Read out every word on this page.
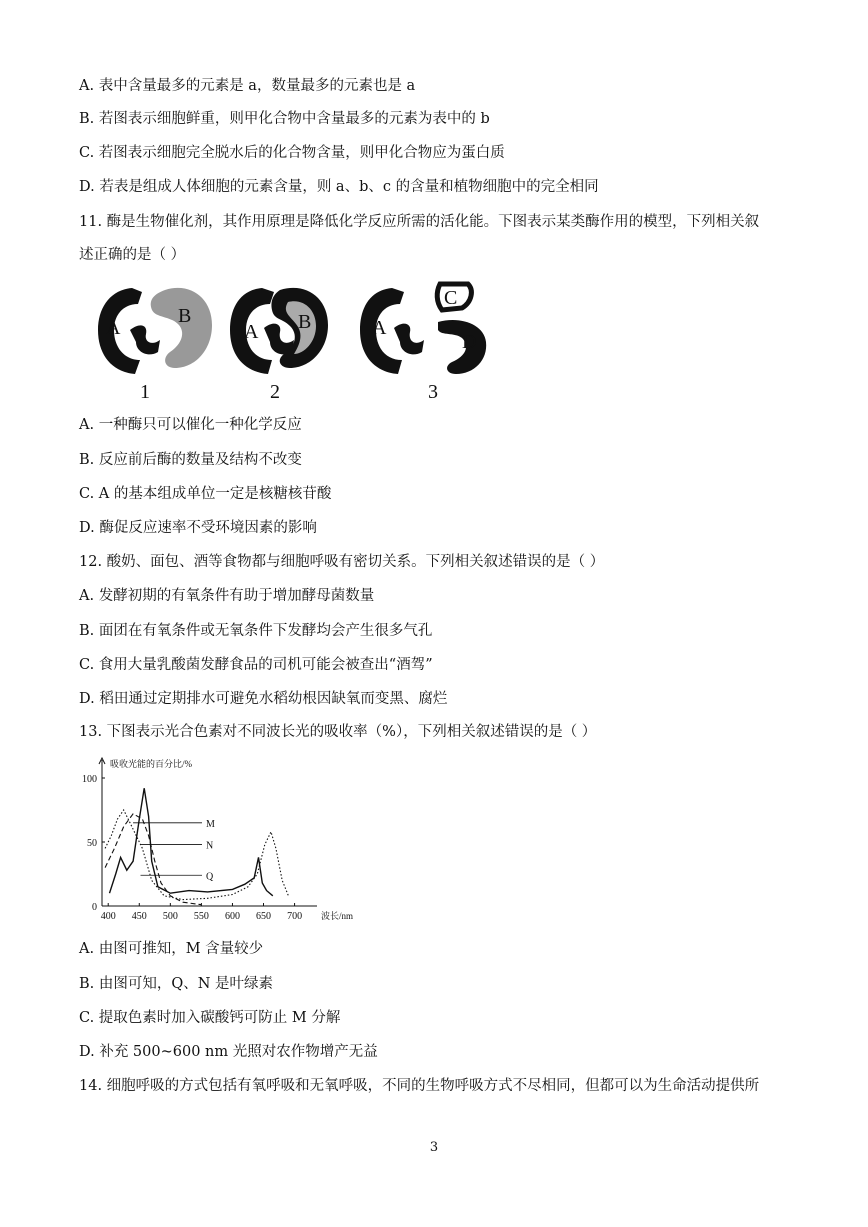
A. 表中含量最多的元素是 a，数量最多的元素也是 a
B. 若图表示细胞鲜重，则甲化合物中含量最多的元素为表中的 b
C. 若图表示细胞完全脱水后的化合物含量，则甲化合物应为蛋白质
D. 若表是组成人体细胞的元素含量，则 a、b、c 的含量和植物细胞中的完全相同
11. 酶是生物催化剂，其作用原理是降低化学反应所需的活化能。下图表示某类酶作用的模型，下列相关叙
述正确的是（ ）
A
B
1
A B
2
A
C
D
3
A. 一种酶只可以催化一种化学反应
B. 反应前后酶的数量及结构不改变
C. A 的基本组成单位一定是核糖核苷酸
D. 酶促反应速率不受环境因素的影响
12. 酸奶、面包、酒等食物都与细胞呼吸有密切关系。下列相关叙述错误的是（ ）
A. 发酵初期的有氧条件有助于增加酵母菌数量
B. 面团在有氧条件或无氧条件下发酵均会产生很多气孔
C. 食用大量乳酸菌发酵食品的司机可能会被查出“酒驾”
D. 稻田通过定期排水可避免水稻幼根因缺氧而变黑、腐烂
13. 下图表示光合色素对不同波长光的吸收率（%），下列相关叙述错误的是（ ）
100
50
0
400 450 500 550 600 650 700
吸收光能的百分比/%
波长/nm
M
N
Q
A. 由图可推知，M 含量较少
B. 由图可知，Q、N 是叶绿素
C. 提取色素时加入碳酸钙可防止 M 分解
D. 补充 500~600 nm 光照对农作物增产无益
14. 细胞呼吸的方式包括有氧呼吸和无氧呼吸，不同的生物呼吸方式不尽相同，但都可以为生命活动提供所
3
